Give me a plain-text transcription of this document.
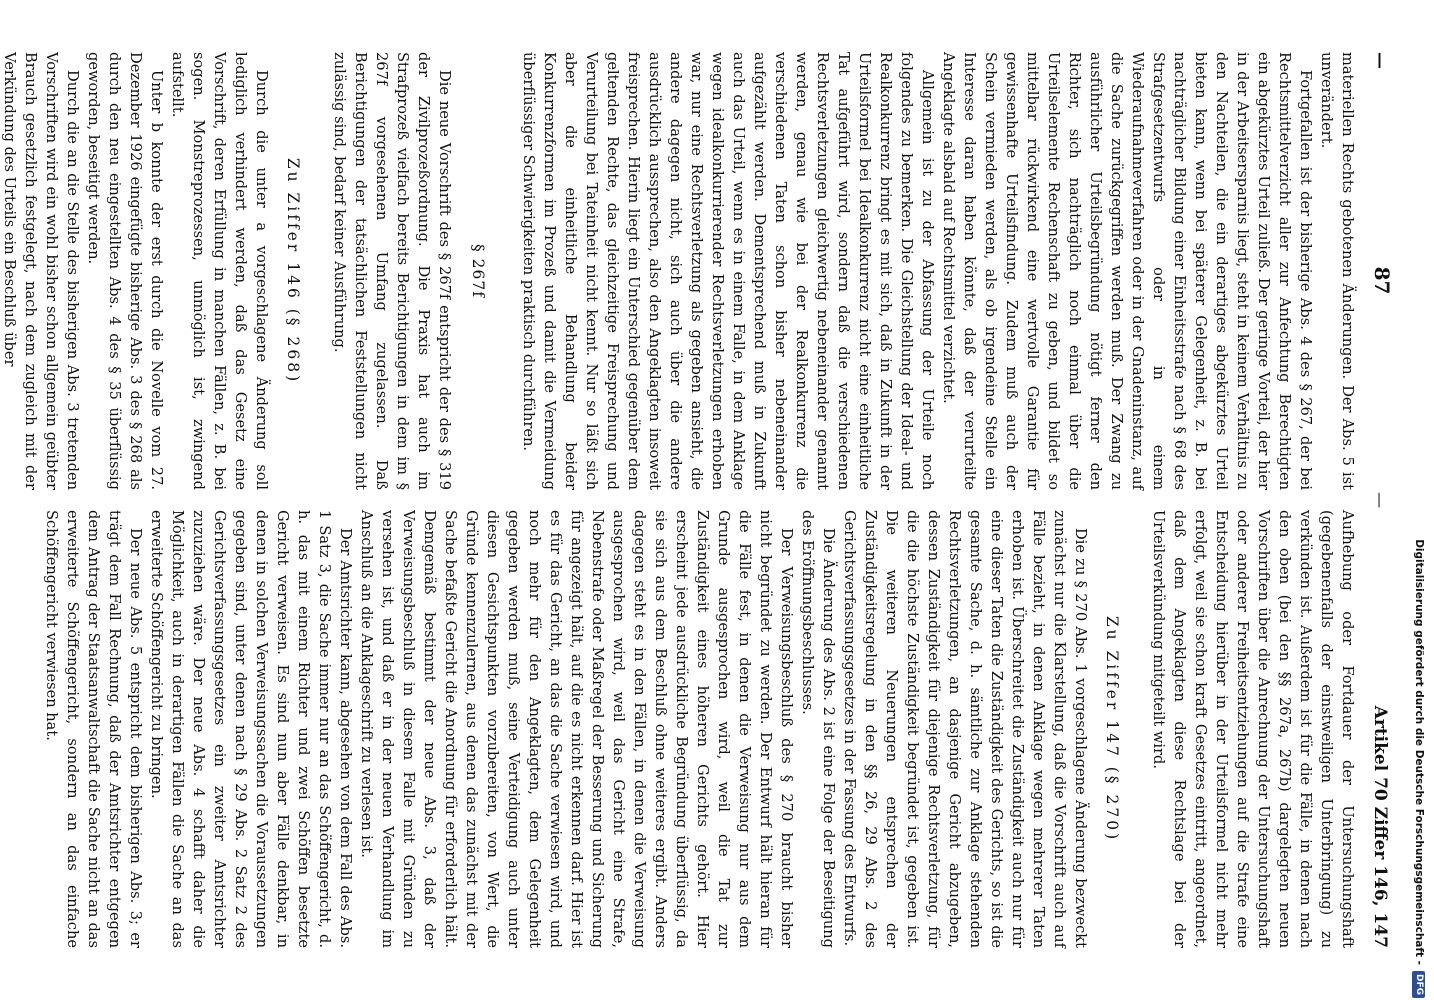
—
87
—
Artikel 70 Ziffer 146, 147

materiellen Rechts gebotenen Änderungen. Der Abs. 5 ist unverändert.

Fortgefallen ist der bisherige Abs. 4 des § 267, der bei Rechtsmittelverzicht aller zur Anfechtung Berechtigten ein abgekürztes Urteil zuließ. Der geringe Vorteil, der hier in der Arbeitsersparnis liegt, steht in keinem Verhältnis zu den Nachteilen, die ein derartiges abgekürztes Urteil bieten kann, wenn bei späterer Gelegenheit, z. B. bei nachträglicher Bildung einer Einheitsstrafe nach § 68 des Strafgesetzentwurfs oder in einem Wiederaufnahmeverfahren oder in der Gnadeninstanz, auf die Sache zurückgegriffen werden muß. Der Zwang zu ausführlicher Urteilsbegründung nötigt ferner den Richter, sich nachträglich noch einmal über die Urteilselemente Rechenschaft zu geben, und bildet so mittelbar rückwirkend eine wertvolle Garantie für gewissenhafte Urteilsfindung. Zudem muß auch der Schein vermieden werden, als ob irgendeine Stelle ein Interesse daran haben könnte, daß der verurteilte Angeklagte alsbald auf Rechtsmittel verzichtet.

Allgemein ist zu der Abfassung der Urteile noch folgendes zu bemerken. Die Gleichstellung der Ideal- und Realkonkurrenz bringt es mit sich, daß in Zukunft in der Urteilsformel bei Idealkonkurrenz nicht eine einheitliche Tat aufgeführt wird, sondern daß die verschiedenen Rechtsverletzungen gleichwertig nebeneinander genannt werden, genau wie bei der Realkonkurrenz die verschiedenen Taten schon bisher nebeneinander aufgezählt werden. Dementsprechend muß in Zukunft auch das Urteil, wenn es in einem Falle, in dem Anklage wegen idealkonkurrierender Rechtsverletzungen erhoben war, nur eine Rechtsverletzung als gegeben ansieht, die andere dagegen nicht, sich auch über die andere ausdrücklich aussprechen, also den Angeklagten insoweit freisprechen. Hierin liegt ein Unterschied gegenüber dem geltenden Rechte, das gleichzeitige Freisprechung und Verurteilung bei Tateinheit nicht kennt. Nur so läßt sich aber die einheitliche Behandlung beider Konkurrenzformen im Prozeß und damit die Vermeidung überflüssiger Schwierigkeiten praktisch durchführen.

§ 267f

Die neue Vorschrift des § 267f entspricht der des § 319 der Zivilprozeßordnung. Die Praxis hat auch im Strafprozeß vielfach bereits Berichtigungen in dem im § 267f vorgesehenen Umfang zugelassen. Daß Berichtigungen der tatsächlichen Feststellungen nicht zulässig sind, bedarf keiner Ausführung.

Zu Ziffer 146 (§ 268)

Durch die unter a vorgeschlagene Änderung soll lediglich verhindert werden, daß das Gesetz eine Vorschrift, deren Erfüllung in manchen Fällen, z. B. bei sogen. Monstreprozessen, unmöglich ist, zwingend aufstellt.

Unter b konnte der erst durch die Novelle vom 27. Dezember 1926 eingefügte bisherige Abs. 3 des § 268 als durch den neu eingestellten Abs. 4 des § 35 überflüssig geworden, beseitigt werden.

Durch die an die Stelle des bisherigen Abs. 3 tretenden Vorschriften wird ein wohl bisher schon allgemein geübter Brauch gesetzlich festgelegt, nach dem zugleich mit der Verkündung des Urteils ein Beschluß über

Aufhebung oder Fortdauer der Untersuchungshaft (gegebenenfalls der einstweiligen Unterbringung) zu verkünden ist. Außerdem ist für die Fälle, in denen nach den oben (bei den §§ 267a, 267b) dargelegten neuen Vorschriften über die Anrechnung der Untersuchungshaft oder anderer Freiheitsentziehungen auf die Strafe eine Entscheidung hierüber in der Urteilsformel nicht mehr erfolgt, weil sie schon kraft Gesetzes eintritt, angeordnet, daß dem Angeklagten diese Rechtslage bei der Urteilsverkündung mitgeteilt wird.

Zu Ziffer 147 (§ 270)

Die zu § 270 Abs. 1 vorgeschlagene Änderung bezweckt zunächst nur die Klarstellung, daß die Vorschrift auch auf Fälle bezieht, in denen Anklage wegen mehrerer Taten erhoben ist. Überschreitet die Zuständigkeit auch nur für eine dieser Taten die Zuständigkeit des Gerichts, so ist die gesamte Sache, d. h. sämtliche zur Anklage stehenden Rechtsverletzungen, an dasjenige Gericht abzugeben, dessen Zuständigkeit für diejenige Rechtsverletzung, für die die höchste Zuständigkeit begründet ist, gegeben ist. Die weiteren Neuerungen entsprechen der Zuständigkeitsregelung in den §§ 26, 29 Abs. 2 des Gerichtsverfassungsgesetzes in der Fassung des Entwurfs.

Die Änderung des Abs. 2 ist eine Folge der Beseitigung des Eröffnungsbeschlusses.

Der Verweisungsbeschluß des § 270 braucht bisher nicht begründet zu werden. Der Entwurf hält hieran für die Fälle fest, in denen die Verweisung nur aus dem Grunde ausgesprochen wird, weil die Tat zur Zuständigkeit eines höheren Gerichts gehört. Hier erscheint jede ausdrückliche Begründung überflüssig, da sie sich aus dem Beschluß ohne weiteres ergibt. Anders dagegen steht es in den Fällen, in denen die Verweisung ausgesprochen wird, weil das Gericht eine Strafe, Nebenstrafe oder Maßregel der Besserung und Sicherung für angezeigt hält, auf die es nicht erkennen darf. Hier ist es für das Gericht, an das die Sache verwiesen wird, und noch mehr für den Angeklagten, dem Gelegenheit gegeben werden muß, seine Verteidigung auch unter diesen Gesichtspunkten vorzubereiten, von Wert, die Gründe kennenzulernen, aus denen das zunächst mit der Sache befaßte Gericht die Anordnung für erforderlich hält. Demgemäß bestimmt der neue Abs. 3, daß der Verweisungsbeschluß in diesem Falle mit Gründen zu versehen ist, und daß er in der neuen Verhandlung im Anschluß an die Anklageschrift zu verlesen ist.

Der Amtsrichter kann, abgesehen von dem Fall des Abs. 1 Satz 3, die Sache immer nur an das Schöffengericht, d. h. das mit einem Richter und zwei Schöffen besetzte Gericht verweisen. Es sind nun aber Fälle denkbar, in denen in solchen Verweisungssachen die Voraussetzungen gegeben sind, unter denen nach § 29 Abs. 2 Satz 2 des Gerichtsverfassungsgesetzes ein zweiter Amtsrichter zuzuziehen wäre. Der neue Abs. 4 schafft daher die Möglichkeit, auch in derartigen Fällen die Sache an das erweiterte Schöffengericht zu bringen.

Der neue Abs. 5 entspricht dem bisherigen Abs. 3; er trägt dem Fall Rechnung, daß der Amtsrichter entgegen dem Antrag der Staatsanwaltschaft die Sache nicht an das erweiterte Schöffengericht, sondern an das einfache Schöffengericht verwiesen hat.	Digitalisierung gefördert durch die Deutsche Forschungsgemeinschaft -
DFG
